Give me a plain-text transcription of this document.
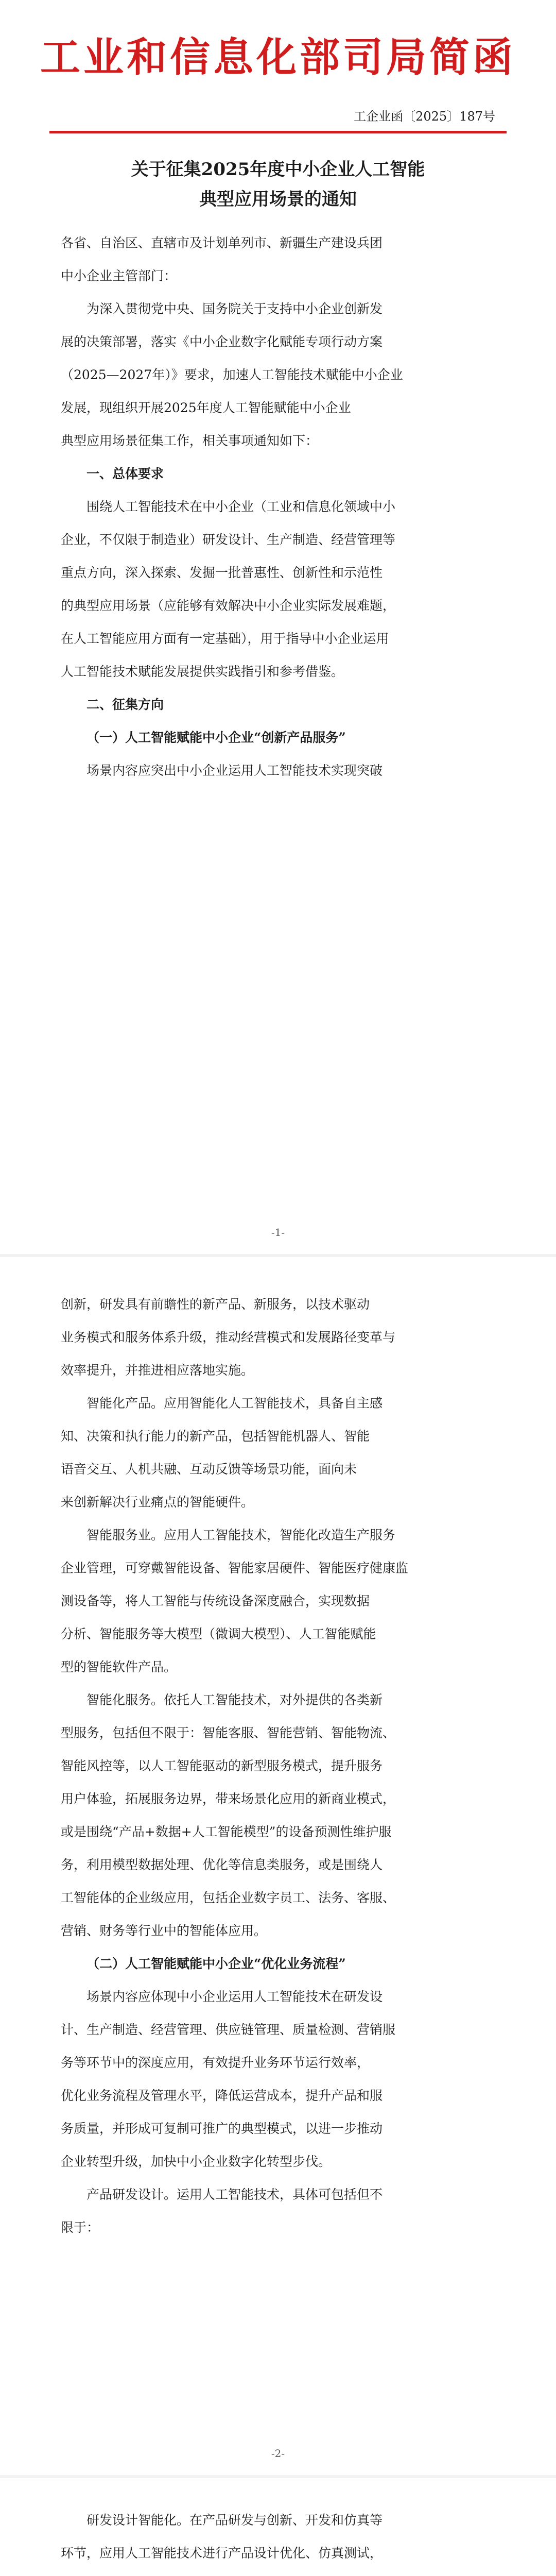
工业和信息化部司局简函
工企业函〔2025〕187号
关于征集2025年度中小企业人工智能
典型应用场景的通知
各省、自治区、直辖市及计划单列市、新疆生产建设兵团
中小企业主管部门：
为深入贯彻党中央、国务院关于支持中小企业创新发
展的决策部署，落实《中小企业数字化赋能专项行动方案
（2025—2027年）》要求，加速人工智能技术赋能中小企业
发展，现组织开展2025年度人工智能赋能中小企业
典型应用场景征集工作，相关事项通知如下：
一、总体要求
围绕人工智能技术在中小企业（工业和信息化领域中小
企业，不仅限于制造业）研发设计、生产制造、经营管理等
重点方向，深入探索、发掘一批普惠性、创新性和示范性
的典型应用场景（应能够有效解决中小企业实际发展难题，
在人工智能应用方面有一定基础），用于指导中小企业运用
人工智能技术赋能发展提供实践指引和参考借鉴。
二、征集方向
（一）人工智能赋能中小企业“创新产品服务”
场景内容应突出中小企业运用人工智能技术实现突破
-1-
创新，研发具有前瞻性的新产品、新服务，以技术驱动
业务模式和服务体系升级，推动经营模式和发展路径变革与
效率提升，并推进相应落地实施。
智能化产品。应用智能化人工智能技术，具备自主感
知、决策和执行能力的新产品，包括智能机器人、智能
语音交互、人机共融、互动反馈等场景功能，面向未
来创新解决行业痛点的智能硬件。
智能服务业。应用人工智能技术，智能化改造生产服务
企业管理，可穿戴智能设备、智能家居硬件、智能医疗健康监
测设备等，将人工智能与传统设备深度融合，实现数据
分析、智能服务等大模型（微调大模型）、人工智能赋能
型的智能软件产品。
智能化服务。依托人工智能技术，对外提供的各类新
型服务，包括但不限于：智能客服、智能营销、智能物流、
智能风控等，以人工智能驱动的新型服务模式，提升服务
用户体验，拓展服务边界，带来场景化应用的新商业模式，
或是围绕“产品+数据+人工智能模型”的设备预测性维护服
务，利用模型数据处理、优化等信息类服务，或是围绕人
工智能体的企业级应用，包括企业数字员工、法务、客服、
营销、财务等行业中的智能体应用。
（二）人工智能赋能中小企业“优化业务流程”
场景内容应体现中小企业运用人工智能技术在研发设
计、生产制造、经营管理、供应链管理、质量检测、营销服
务等环节中的深度应用，有效提升业务环节运行效率，
优化业务流程及管理水平，降低运营成本，提升产品和服
务质量，并形成可复制可推广的典型模式，以进一步推动
企业转型升级，加快中小企业数字化转型步伐。
产品研发设计。运用人工智能技术，具体可包括但不
限于：
-2-
研发设计智能化。在产品研发与创新、开发和仿真等
环节，应用人工智能技术进行产品设计优化、仿真测试，
